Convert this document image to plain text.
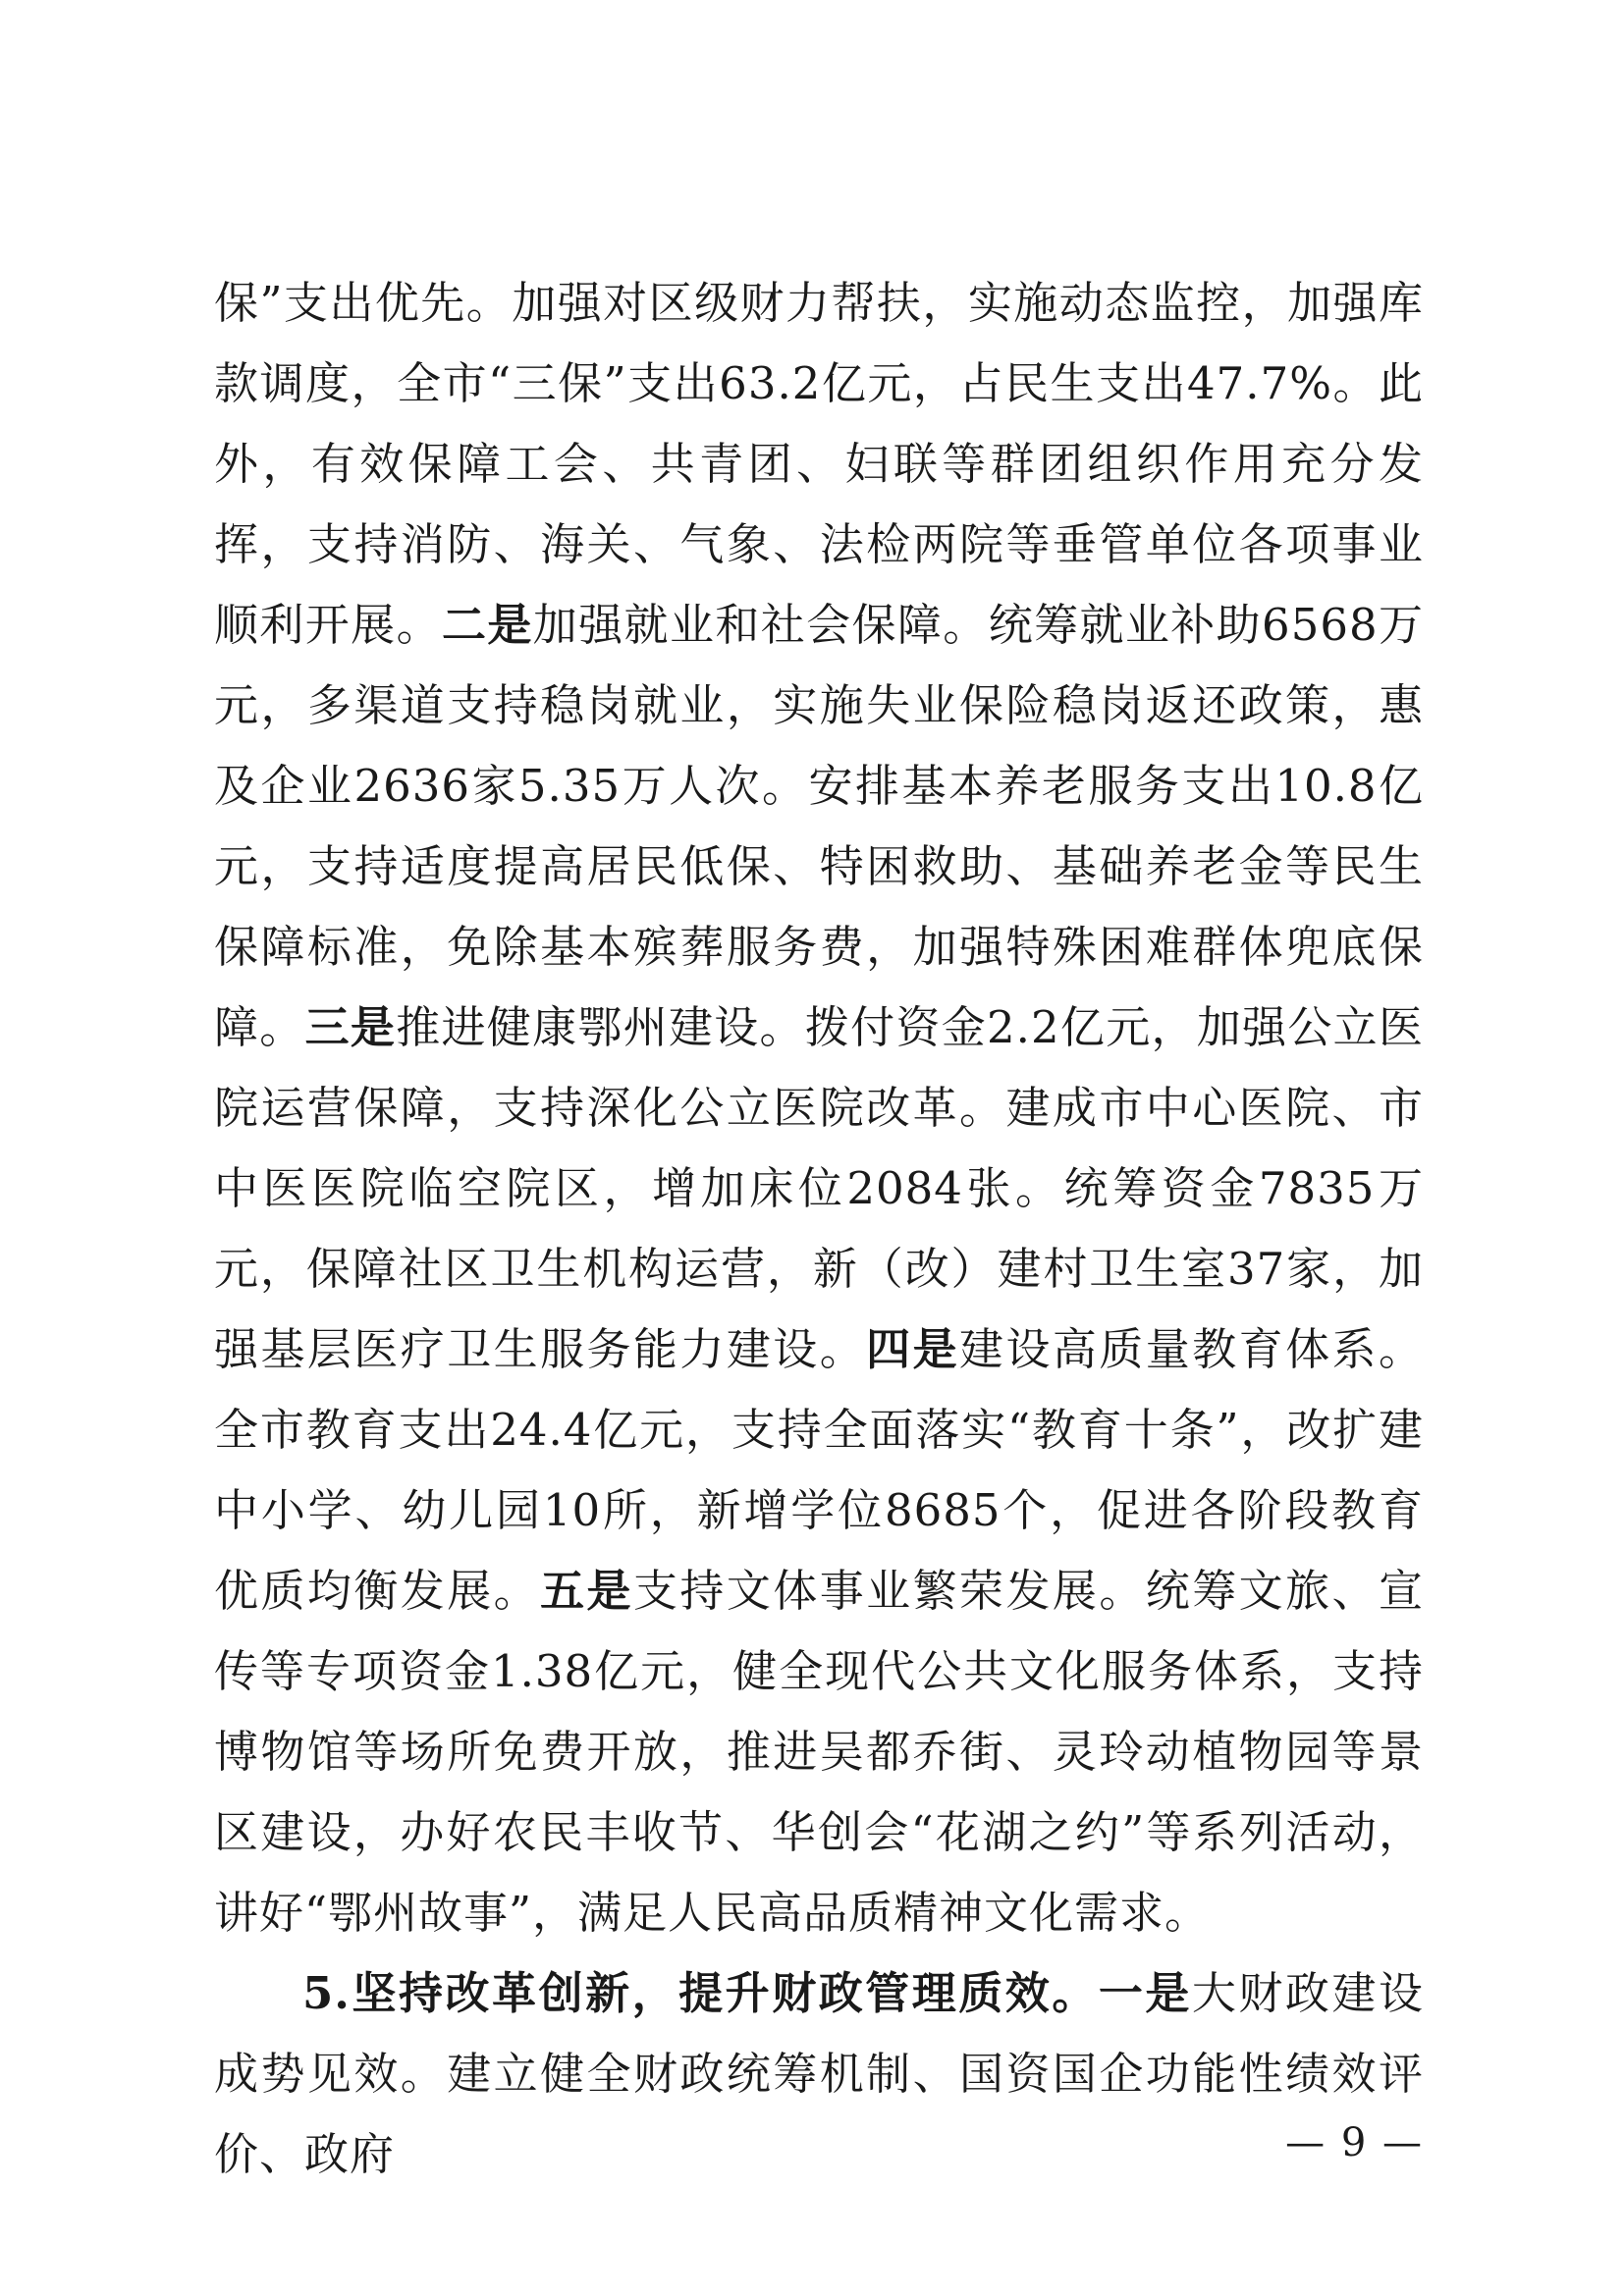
保”支出优先。加强对区级财力帮扶，实施动态监控，加强库款调度，全市“三保”支出63.2亿元，占民生支出47.7%。此外，有效保障工会、共青团、妇联等群团组织作用充分发挥，支持消防、海关、气象、法检两院等垂管单位各项事业顺利开展。二是加强就业和社会保障。统筹就业补助6568万元，多渠道支持稳岗就业，实施失业保险稳岗返还政策，惠及企业2636家5.35万人次。安排基本养老服务支出10.8亿元，支持适度提高居民低保、特困救助、基础养老金等民生保障标准，免除基本殡葬服务费，加强特殊困难群体兜底保障。三是推进健康鄂州建设。拨付资金2.2亿元，加强公立医院运营保障，支持深化公立医院改革。建成市中心医院、市中医医院临空院区，增加床位2084张。统筹资金7835万元，保障社区卫生机构运营，新（改）建村卫生室37家，加强基层医疗卫生服务能力建设。四是建设高质量教育体系。全市教育支出24.4亿元，支持全面落实“教育十条”，改扩建中小学、幼儿园10所，新增学位8685个，促进各阶段教育优质均衡发展。五是支持文体事业繁荣发展。统筹文旅、宣传等专项资金1.38亿元，健全现代公共文化服务体系，支持博物馆等场所免费开放，推进吴都乔街、灵玲动植物园等景区建设，办好农民丰收节、华创会“花湖之约”等系列活动，讲好“鄂州故事”，满足人民高品质精神文化需求。

5.坚持改革创新，提升财政管理质效。一是大财政建设成势见效。建立健全财政统筹机制、国资国企功能性绩效评价、政府	— 9 —
